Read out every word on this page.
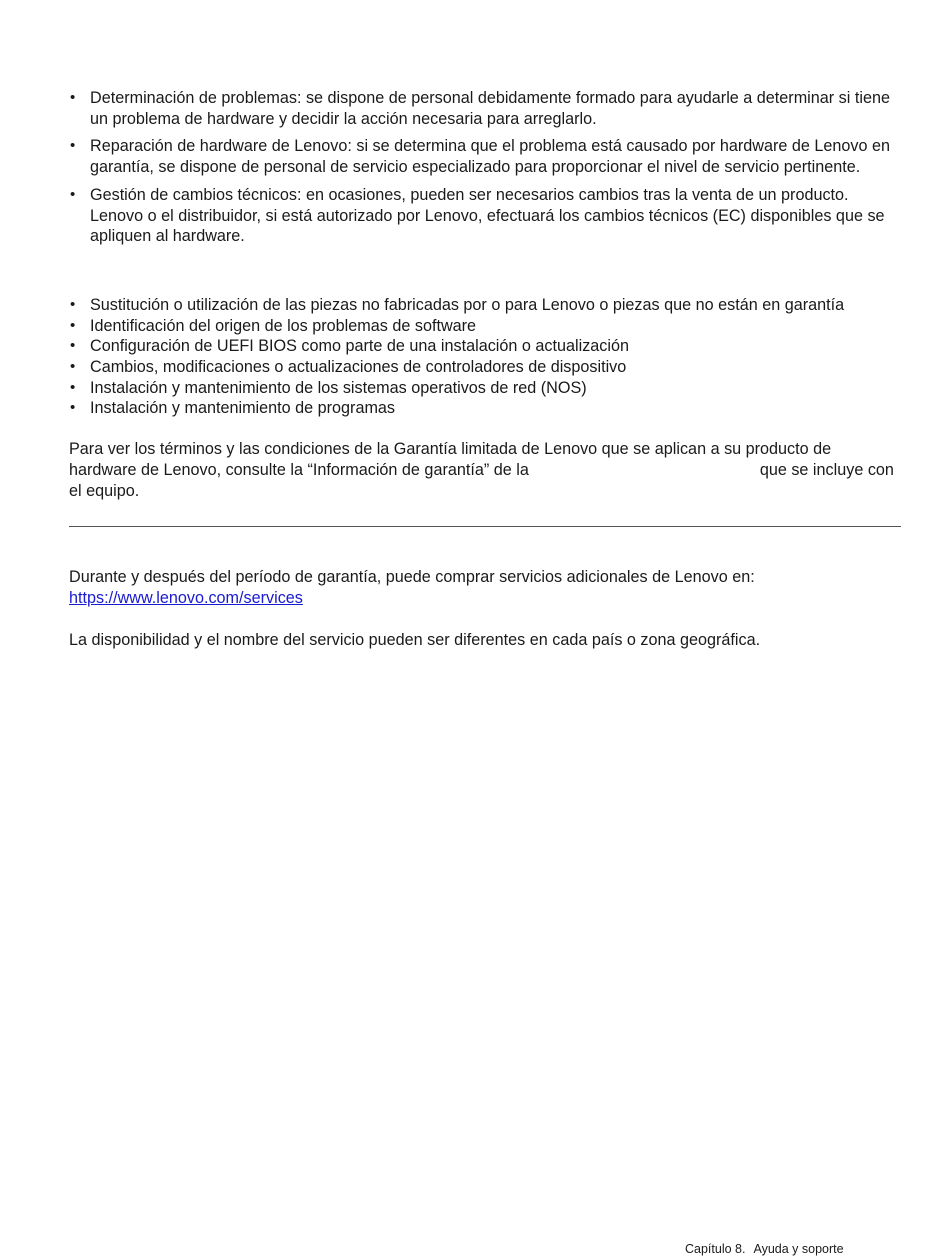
• Determinación de problemas: se dispone de personal debidamente formado para ayudarle a determinar si tiene un problema de hardware y decidir la acción necesaria para arreglarlo.
• Reparación de hardware de Lenovo: si se determina que el problema está causado por hardware de Lenovo en garantía, se dispone de personal de servicio especializado para proporcionar el nivel de servicio pertinente.
• Gestión de cambios técnicos: en ocasiones, pueden ser necesarios cambios tras la venta de un producto. Lenovo o el distribuidor, si está autorizado por Lenovo, efectuará los cambios técnicos (EC) disponibles que se apliquen al hardware.
• Sustitución o utilización de las piezas no fabricadas por o para Lenovo o piezas que no están en garantía
• Identificación del origen de los problemas de software
• Configuración de UEFI BIOS como parte de una instalación o actualización
• Cambios, modificaciones o actualizaciones de controladores de dispositivo
• Instalación y mantenimiento de los sistemas operativos de red (NOS)
• Instalación y mantenimiento de programas

Para ver los términos y las condiciones de la Garantía limitada de Lenovo que se aplican a su producto de hardware de Lenovo, consulte la “Información de garantía” de la	que se incluye con el equipo.

Durante y después del período de garantía, puede comprar servicios adicionales de Lenovo en:
https://www.lenovo.com/services

La disponibilidad y el nombre del servicio pueden ser diferentes en cada país o zona geográfica.

Capítulo 8. Ayuda y soporte
